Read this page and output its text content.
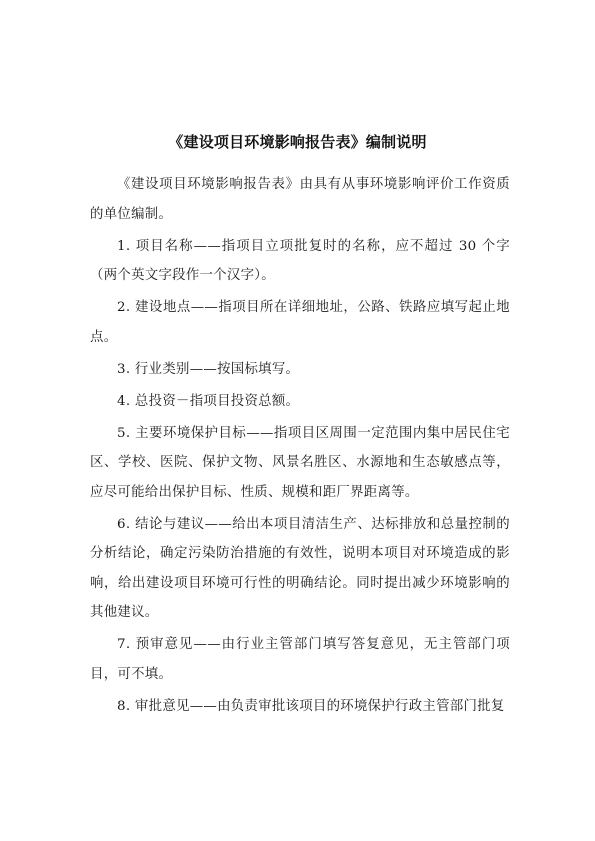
《建设项目环境影响报告表》编制说明

《建设项目环境影响报告表》由具有从事环境影响评价工作资质的单位编制。

1. 项目名称——指项目立项批复时的名称，应不超过 30 个字（两个英文字段作一个汉字）。

2. 建设地点——指项目所在详细地址，公路、铁路应填写起止地点。

3. 行业类别——按国标填写。

4. 总投资－指项目投资总额。

5. 主要环境保护目标——指项目区周围一定范围内集中居民住宅区、学校、医院、保护文物、风景名胜区、水源地和生态敏感点等，应尽可能给出保护目标、性质、规模和距厂界距离等。

6. 结论与建议——给出本项目清洁生产、达标排放和总量控制的分析结论，确定污染防治措施的有效性，说明本项目对环境造成的影响，给出建设项目环境可行性的明确结论。同时提出减少环境影响的其他建议。

7. 预审意见——由行业主管部门填写答复意见，无主管部门项目，可不填。

8. 审批意见——由负责审批该项目的环境保护行政主管部门批复
